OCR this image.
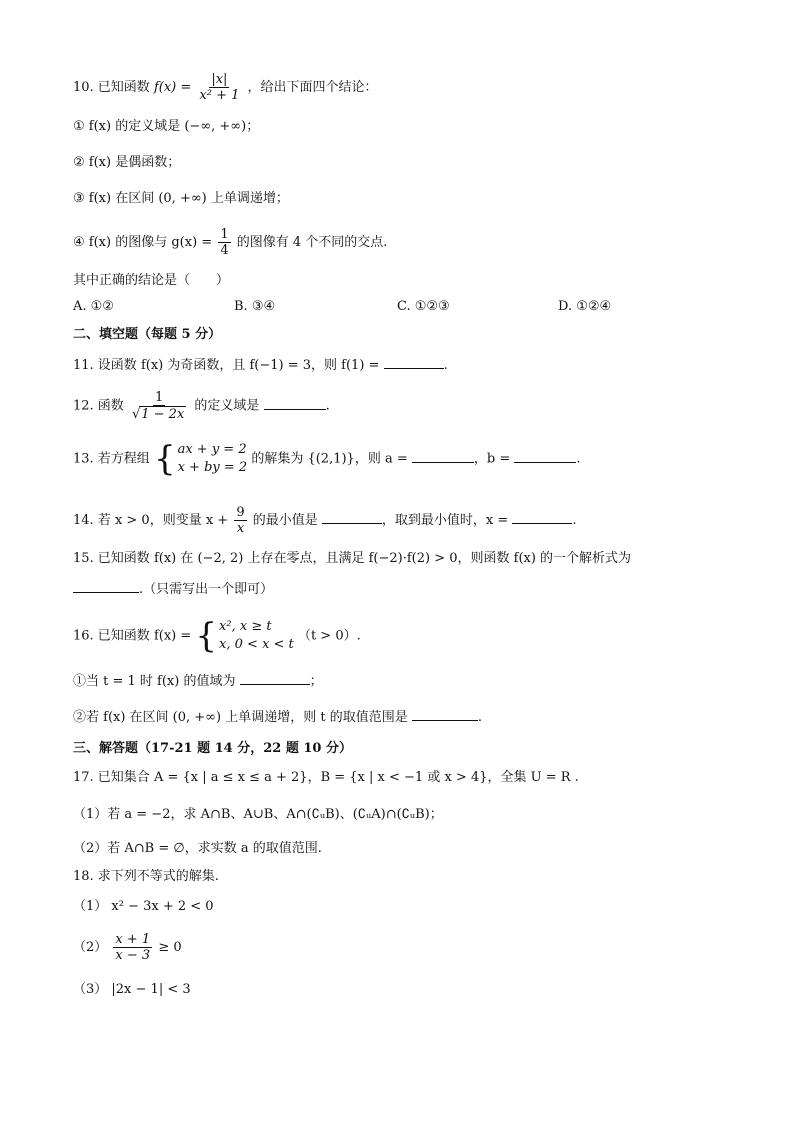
10. 已知函数 $f(x) = \frac{|x|}{\text{x² + 1}}$ ，给出下面四个结论：
① f(x) 的定义域是 (−∞, +∞)；
② f(x) 是偶函数；
③ f(x) 在区间 (0, +∞) 上单调递增；
④ f(x) 的图像与 $g(x) = \frac{1}{4}$ 的图像有 4 个不同的交点.
其中正确的结论是（　　）
A. ①②	B. ③④	C. ①②③	D. ①②④
二、填空题（每题 5 分）
11. 设函数 f(x) 为奇函数，且 f(−1) = 3，则 f(1) =	.
12. 函数 $\frac{1}{√1 - 2x}$ 的定义域是	.
13. 若方程组 { ax + y = 2
x + by = 2
的解集为 {(2,1)}，则 a =	，b =	.
14. 若 x > 0，则变量 $x + \frac{9}{x}$ 的最小值是	，取到最小值时，x =	.
15. 已知函数 f(x) 在 (−2, 2) 上存在零点，且满足 f(−2)·f(2) > 0，则函数 f(x) 的一个解析式为
.（只需写出一个即可）
16. 已知函数 f(x) = { x², x ≥ t
x, 0 < x < t
（t > 0）.
①当 t = 1 时 f(x) 的值域为	；
②若 f(x) 在区间 (0, +∞) 上单调递增，则 t 的取值范围是	.
三、解答题（17-21 题 14 分，22 题 10 分）
17. 已知集合 A = {x | a ≤ x ≤ a + 2}，B = {x | x < −1 或 x > 4}，全集 U = R .
（1）若 a = −2，求 A∩B、A∪B、A∩(∁ᵤB)、(∁ᵤA)∩(∁ᵤB)；
（2）若 A∩B = ∅，求实数 a 的取值范围.
18. 求下列不等式的解集.
（1） x² − 3x + 2 < 0
$(2) \frac{x + 1}{x - 3} \ge 0$
（3） |2x − 1| < 3
